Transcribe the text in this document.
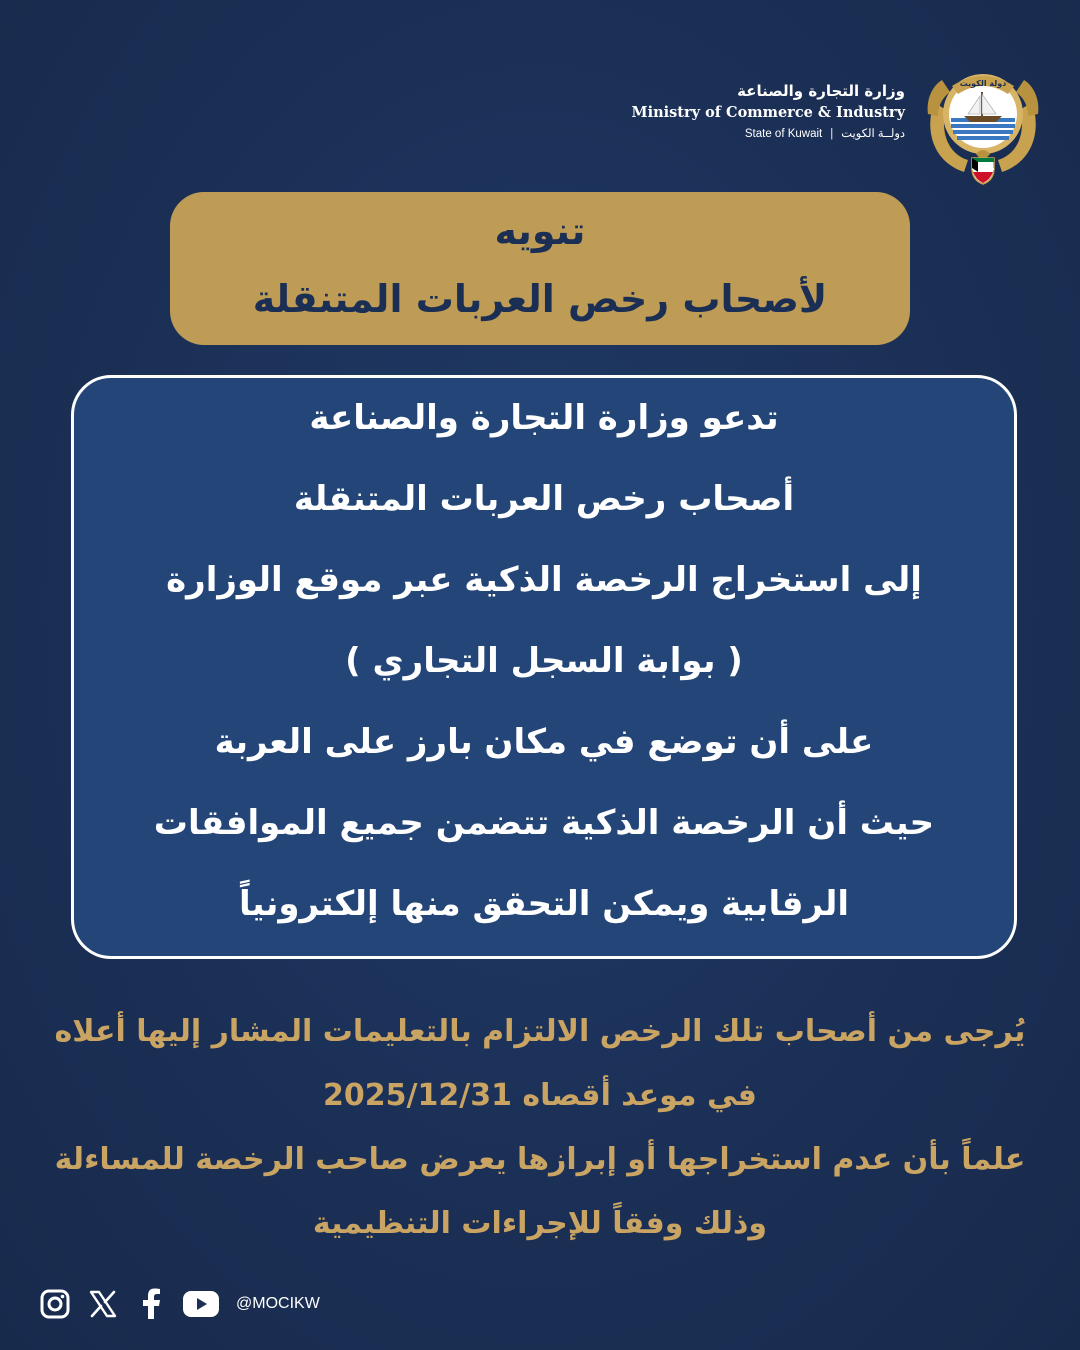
وزارة التجارة والصناعة
Ministry of Commerce & Industry
State of Kuwait | دولــة الكويت
دولة الكويت
تنويه
لأصحاب رخص العربات المتنقلة
تدعو وزارة التجارة والصناعة
أصحاب رخص العربات المتنقلة
إلى استخراج الرخصة الذكية عبر موقع الوزارة
( بوابة السجل التجاري )
على أن توضع في مكان بارز على العربة
حيث أن الرخصة الذكية تتضمن جميع الموافقات
الرقابية ويمكن التحقق منها إلكترونياً
يُرجى من أصحاب تلك الرخص الالتزام بالتعليمات المشار إليها أعلاه
في موعد أقصاه 2025/12/31
علماً بأن عدم استخراجها أو إبرازها يعرض صاحب الرخصة للمساءلة
وذلك وفقاً للإجراءات التنظيمية
@MOCIKW
